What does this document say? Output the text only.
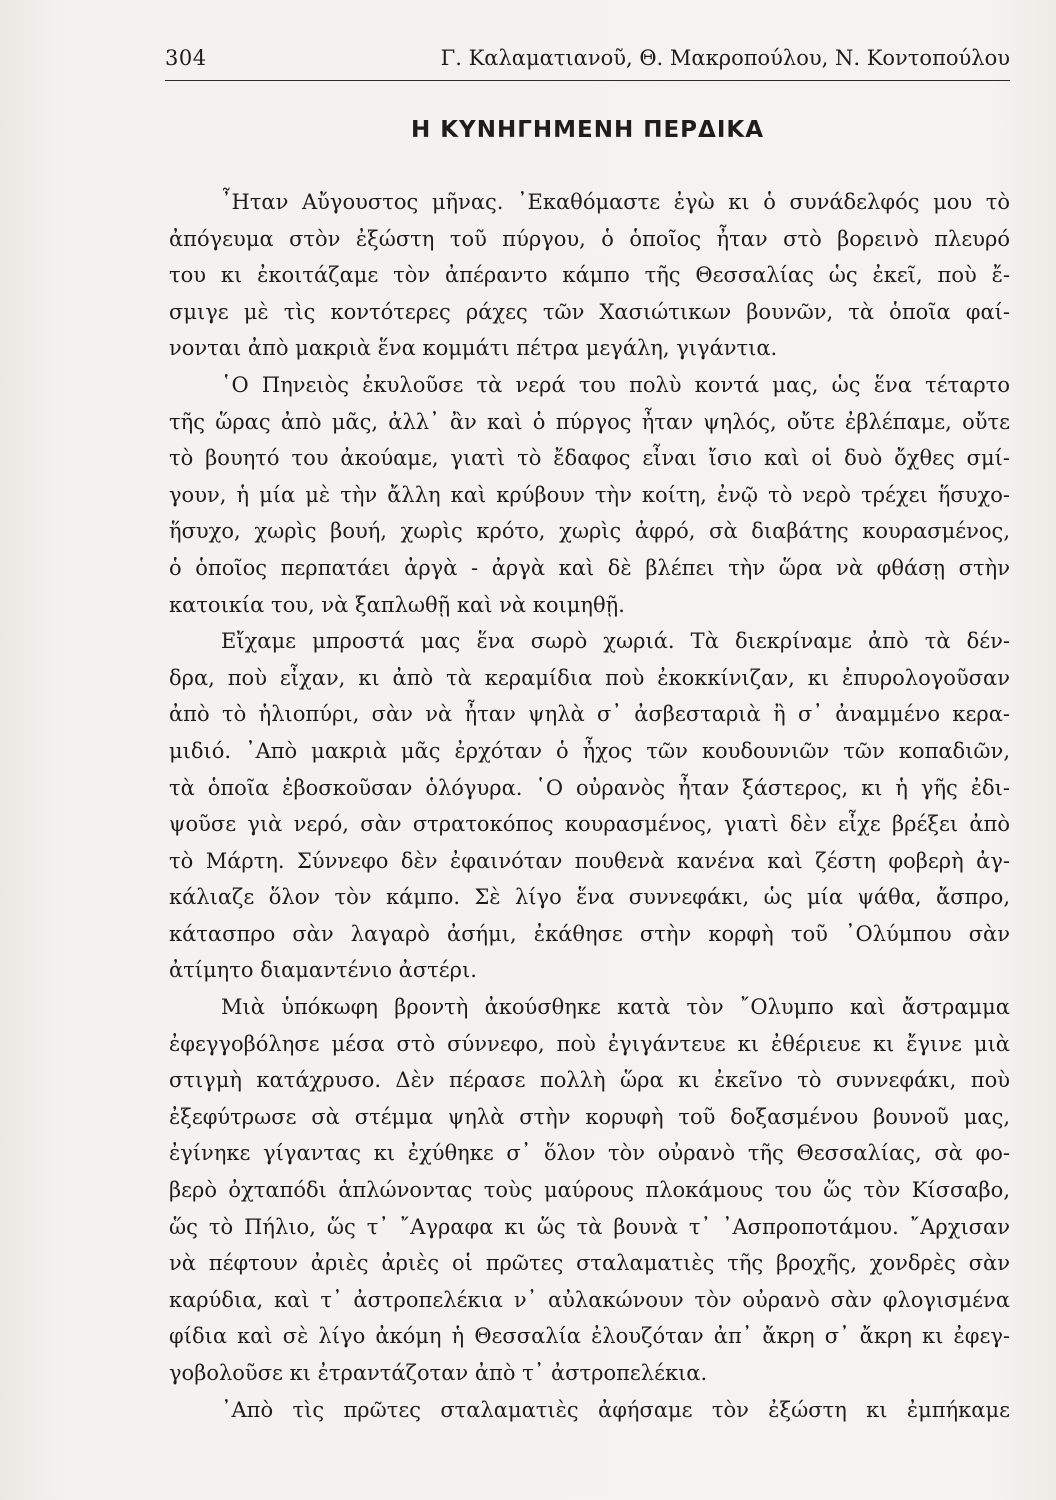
304	Γ. Καλαματιανοῦ, Θ. Μακροπούλου, Ν. Κοντοπούλου
Η ΚΥΝΗΓΗΜΕΝΗ ΠΕΡΔΙΚΑ

῏Ηταν Αὔγουστος μῆνας. ᾿Εκαθόμαστε ἐγὼ κι ὁ συνάδελφός μου τὸ
ἀπόγευμα στὸν ἐξώστη τοῦ πύργου, ὁ ὁποῖος ἦταν στὸ βορεινὸ πλευρό
του κι ἐκοιτάζαμε τὸν ἀπέραντο κάμπο τῆς Θεσσαλίας ὡς ἐκεῖ, ποὺ ἔ-
σμιγε μὲ τὶς κοντότερες ράχες τῶν Χασιώτικων βουνῶν, τὰ ὁποῖα φαί-
νονται ἀπὸ μακριὰ ἕνα κομμάτι πέτρα μεγάλη, γιγάντια.

῾Ο Πηνειὸς ἐκυλοῦσε τὰ νερά του πολὺ κοντά μας, ὡς ἕνα τέταρτο
τῆς ὥρας ἀπὸ μᾶς, ἀλλ᾿ ἂν καὶ ὁ πύργος ἦταν ψηλός, οὔτε ἐβλέπαμε, οὔτε
τὸ βουητό του ἀκούαμε, γιατὶ τὸ ἔδαφος εἶναι ἴσιο καὶ οἱ δυὸ ὄχθες σμί-
γουν, ἡ μία μὲ τὴν ἄλλη καὶ κρύβουν τὴν κοίτη, ἐνῷ τὸ νερὸ τρέχει ἥσυχο-
ἥσυχο, χωρὶς βουή, χωρὶς κρότο, χωρὶς ἀφρό, σὰ διαβάτης κουρασμένος,
ὁ ὁποῖος περπατάει ἀργὰ - ἀργὰ καὶ δὲ βλέπει τὴν ὥρα νὰ φθάσῃ στὴν
κατοικία του, νὰ ξαπλωθῇ καὶ νὰ κοιμηθῇ.

Εἴχαμε μπροστά μας ἕνα σωρὸ χωριά. Τὰ διεκρίναμε ἀπὸ τὰ δέν-
δρα, ποὺ εἶχαν, κι ἀπὸ τὰ κεραμίδια ποὺ ἐκοκκίνιζαν, κι ἐπυρολογοῦσαν
ἀπὸ τὸ ἡλιοπύρι, σὰν νὰ ἦταν ψηλὰ σ᾿ ἀσβεσταριὰ ἢ σ᾿ ἀναμμένο κερα-
μιδιό. ᾿Απὸ μακριὰ μᾶς ἐρχόταν ὁ ἦχος τῶν κουδουνιῶν τῶν κοπαδιῶν,
τὰ ὁποῖα ἐβοσκοῦσαν ὁλόγυρα. ῾Ο οὐρανὸς ἦταν ξάστερος, κι ἡ γῆς ἐδι-
ψοῦσε γιὰ νερό, σὰν στρατοκόπος κουρασμένος, γιατὶ δὲν εἶχε βρέξει ἀπὸ
τὸ Μάρτη. Σύννεφο δὲν ἐφαινόταν πουθενὰ κανένα καὶ ζέστη φοβερὴ ἀγ-
κάλιαζε ὅλον τὸν κάμπο. Σὲ λίγο ἕνα συννεφάκι, ὡς μία ψάθα, ἄσπρο,
κάτασπρο σὰν λαγαρὸ ἀσήμι, ἐκάθησε στὴν κορφὴ τοῦ ᾿Ολύμπου σὰν
ἀτίμητο διαμαντένιο ἀστέρι.

Μιὰ ὑπόκωφη βροντὴ ἀκούσθηκε κατὰ τὸν ῎Ολυμπο καὶ ἄστραμμα
ἐφεγγοβόλησε μέσα στὸ σύννεφο, ποὺ ἐγιγάντευε κι ἐθέριευε κι ἔγινε μιὰ
στιγμὴ κατάχρυσο. Δὲν πέρασε πολλὴ ὥρα κι ἐκεῖνο τὸ συννεφάκι, ποὺ
ἐξεφύτρωσε σὰ στέμμα ψηλὰ στὴν κορυφὴ τοῦ δοξασμένου βουνοῦ μας,
ἐγίνηκε γίγαντας κι ἐχύθηκε σ᾿ ὅλον τὸν οὐρανὸ τῆς Θεσσαλίας, σὰ φο-
βερὸ ὀχταπόδι ἁπλώνοντας τοὺς μαύρους πλοκάμους του ὥς τὸν Κίσσαβο,
ὥς τὸ Πήλιο, ὥς τ᾿ ῎Αγραφα κι ὥς τὰ βουνὰ τ᾿ ᾿Ασπροποτάμου. ῎Αρχισαν
νὰ πέφτουν ἀριὲς ἀριὲς οἱ πρῶτες σταλαματιὲς τῆς βροχῆς, χονδρὲς σὰν
καρύδια, καὶ τ᾿ ἀστροπελέκια ν᾿ αὐλακώνουν τὸν οὐρανὸ σὰν φλογισμένα
φίδια καὶ σὲ λίγο ἀκόμη ἡ Θεσσαλία ἐλουζόταν ἀπ᾿ ἄκρη σ᾿ ἄκρη κι ἐφεγ-
γοβολοῦσε κι ἐτραντάζοταν ἀπὸ τ᾿ ἀστροπελέκια.

᾿Απὸ τὶς πρῶτες σταλαματιὲς ἀφήσαμε τὸν ἐξώστη κι ἐμπήκαμε
